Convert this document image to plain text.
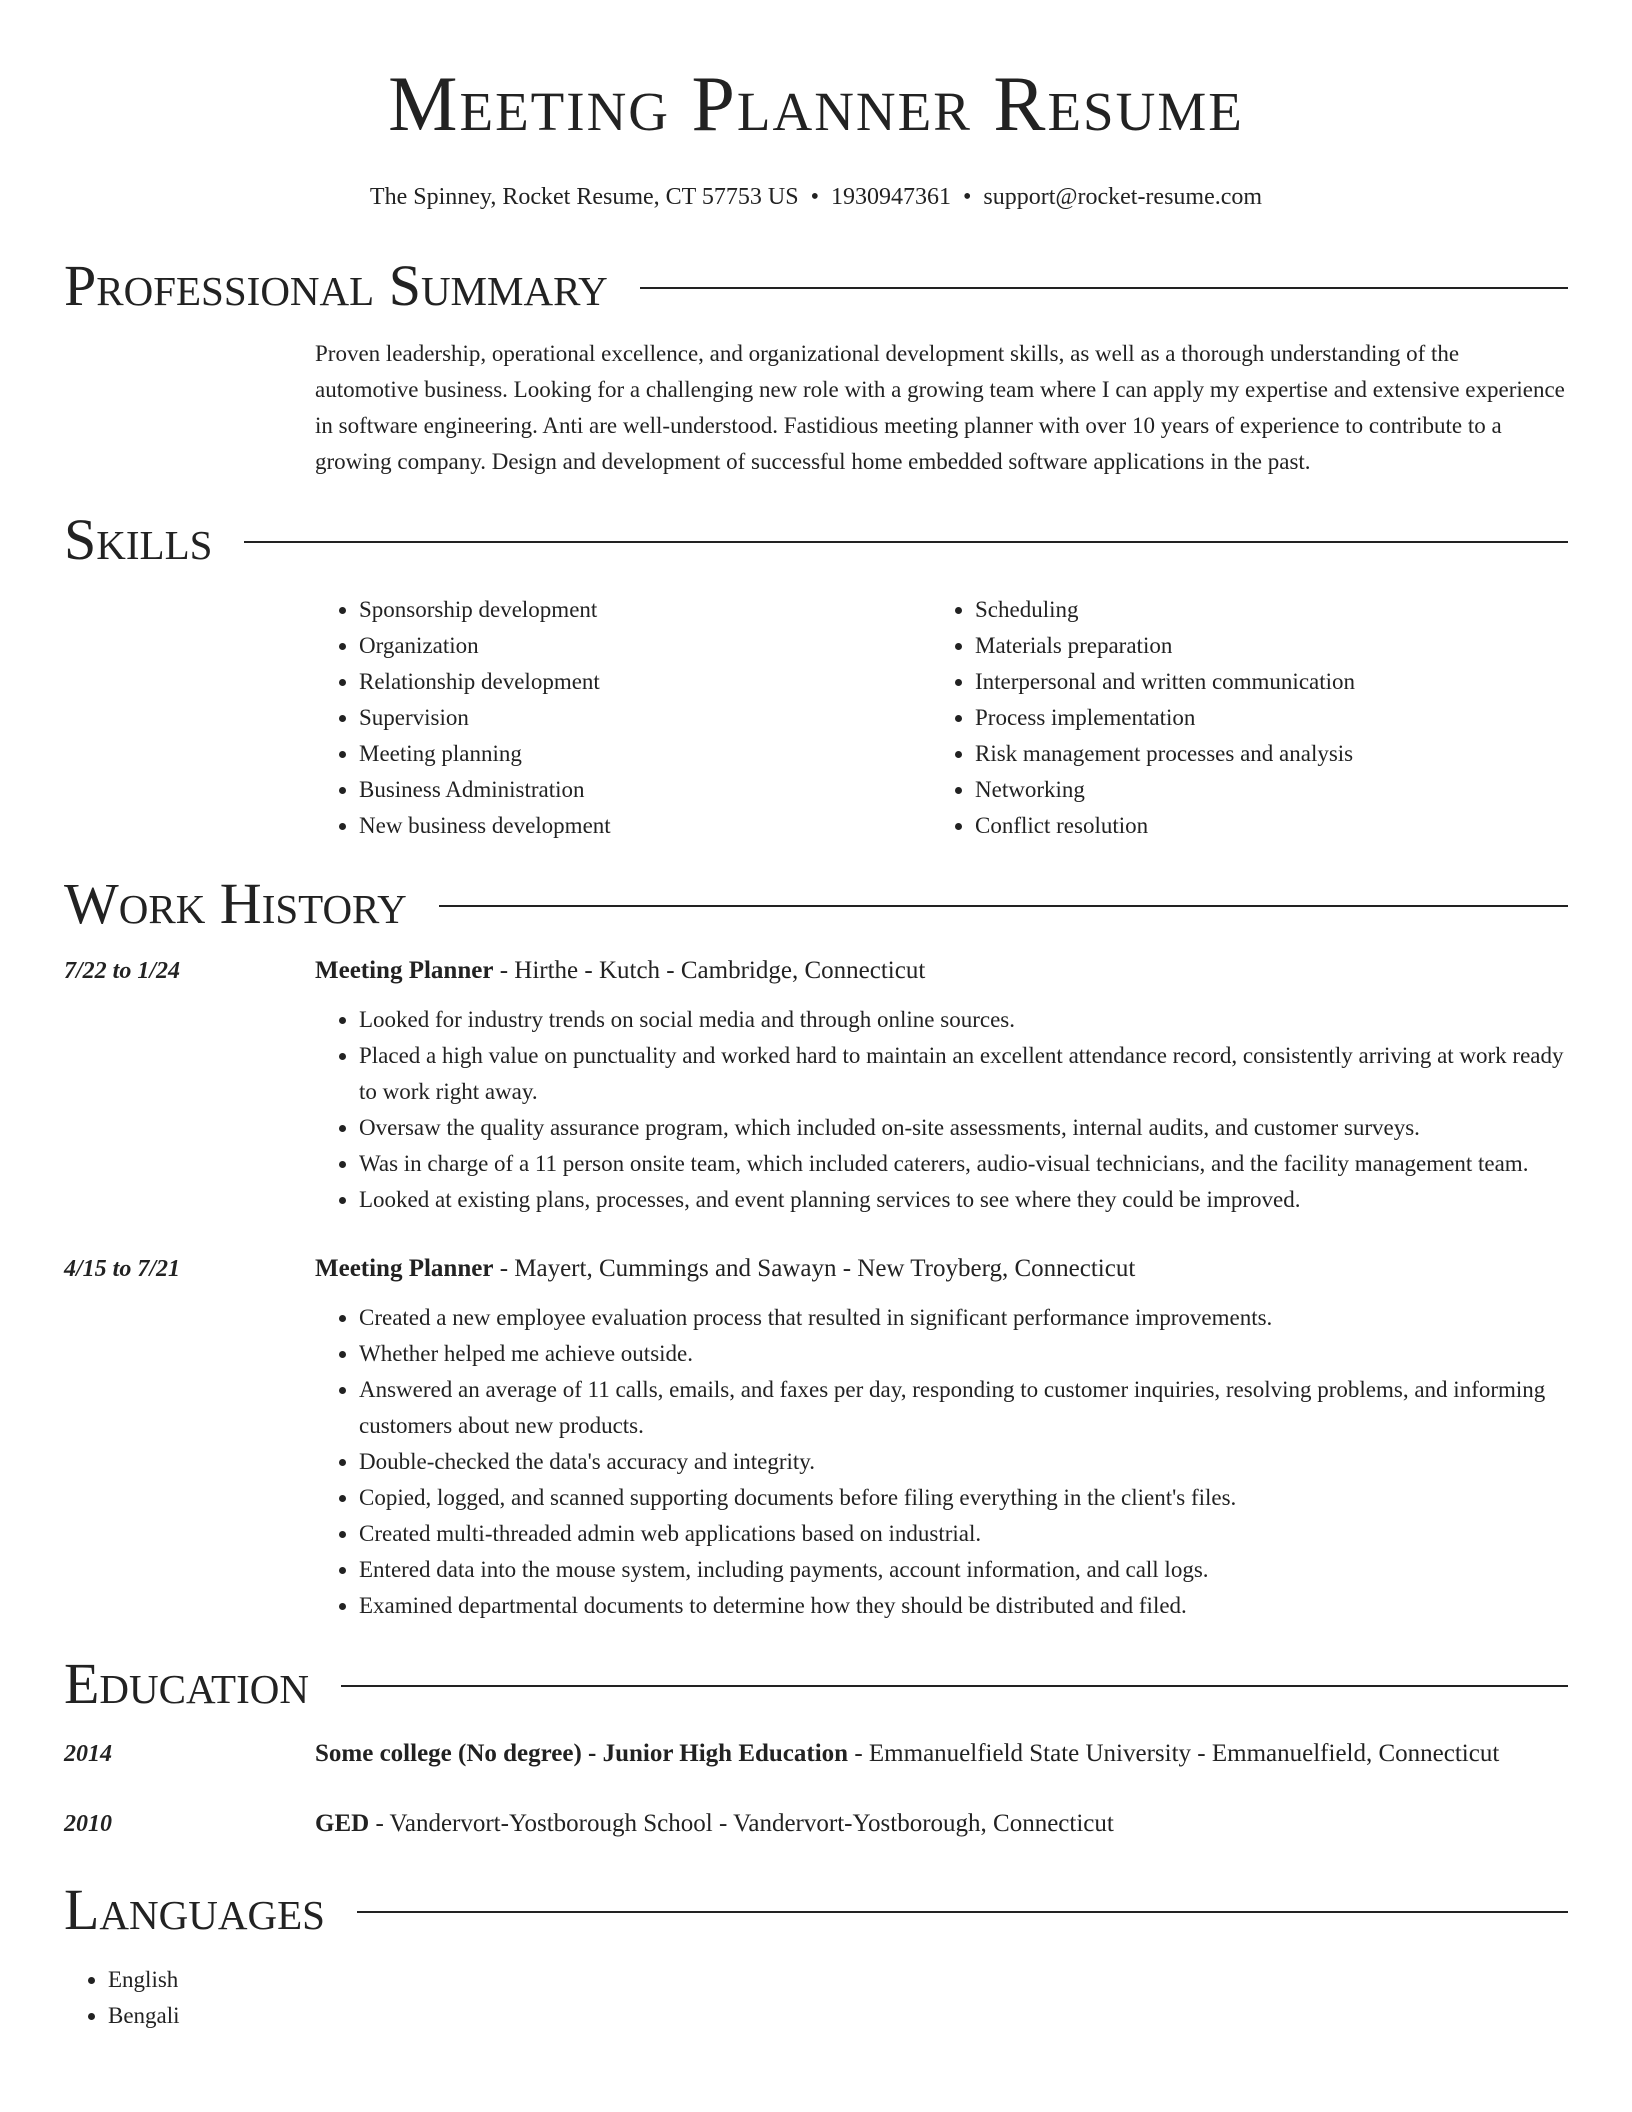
Meeting Planner Resume
The Spinney, Rocket Resume, CT 57753 US • 1930947361 • support@rocket-resume.com
Professional Summary
Proven leadership, operational excellence, and organizational development skills, as well as a thorough understanding of the automotive business. Looking for a challenging new role with a growing team where I can apply my expertise and extensive experience in software engineering. Anti are well-understood. Fastidious meeting planner with over 10 years of experience to contribute to a growing company. Design and development of successful home embedded software applications in the past.
Skills
• Sponsorship development
• Organization
• Relationship development
• Supervision
• Meeting planning
• Business Administration
• New business development
• Scheduling
• Materials preparation
• Interpersonal and written communication
• Process implementation
• Risk management processes and analysis
• Networking
• Conflict resolution
Work History
7/22 to 1/24	Meeting Planner - Hirthe - Kutch - Cambridge, Connecticut
• Looked for industry trends on social media and through online sources.
• Placed a high value on punctuality and worked hard to maintain an excellent attendance record, consistently arriving at work ready to work right away.
• Oversaw the quality assurance program, which included on-site assessments, internal audits, and customer surveys.
• Was in charge of a 11 person onsite team, which included caterers, audio-visual technicians, and the facility management team.
• Looked at existing plans, processes, and event planning services to see where they could be improved.
4/15 to 7/21	Meeting Planner - Mayert, Cummings and Sawayn - New Troyberg, Connecticut
• Created a new employee evaluation process that resulted in significant performance improvements.
• Whether helped me achieve outside.
• Answered an average of 11 calls, emails, and faxes per day, responding to customer inquiries, resolving problems, and informing customers about new products.
• Double-checked the data's accuracy and integrity.
• Copied, logged, and scanned supporting documents before filing everything in the client's files.
• Created multi-threaded admin web applications based on industrial.
• Entered data into the mouse system, including payments, account information, and call logs.
• Examined departmental documents to determine how they should be distributed and filed.
Education
2014	Some college (No degree) - Junior High Education - Emmanuelfield State University - Emmanuelfield, Connecticut
2010	GED - Vandervort-Yostborough School - Vandervort-Yostborough, Connecticut
Languages
• English
• Bengali
